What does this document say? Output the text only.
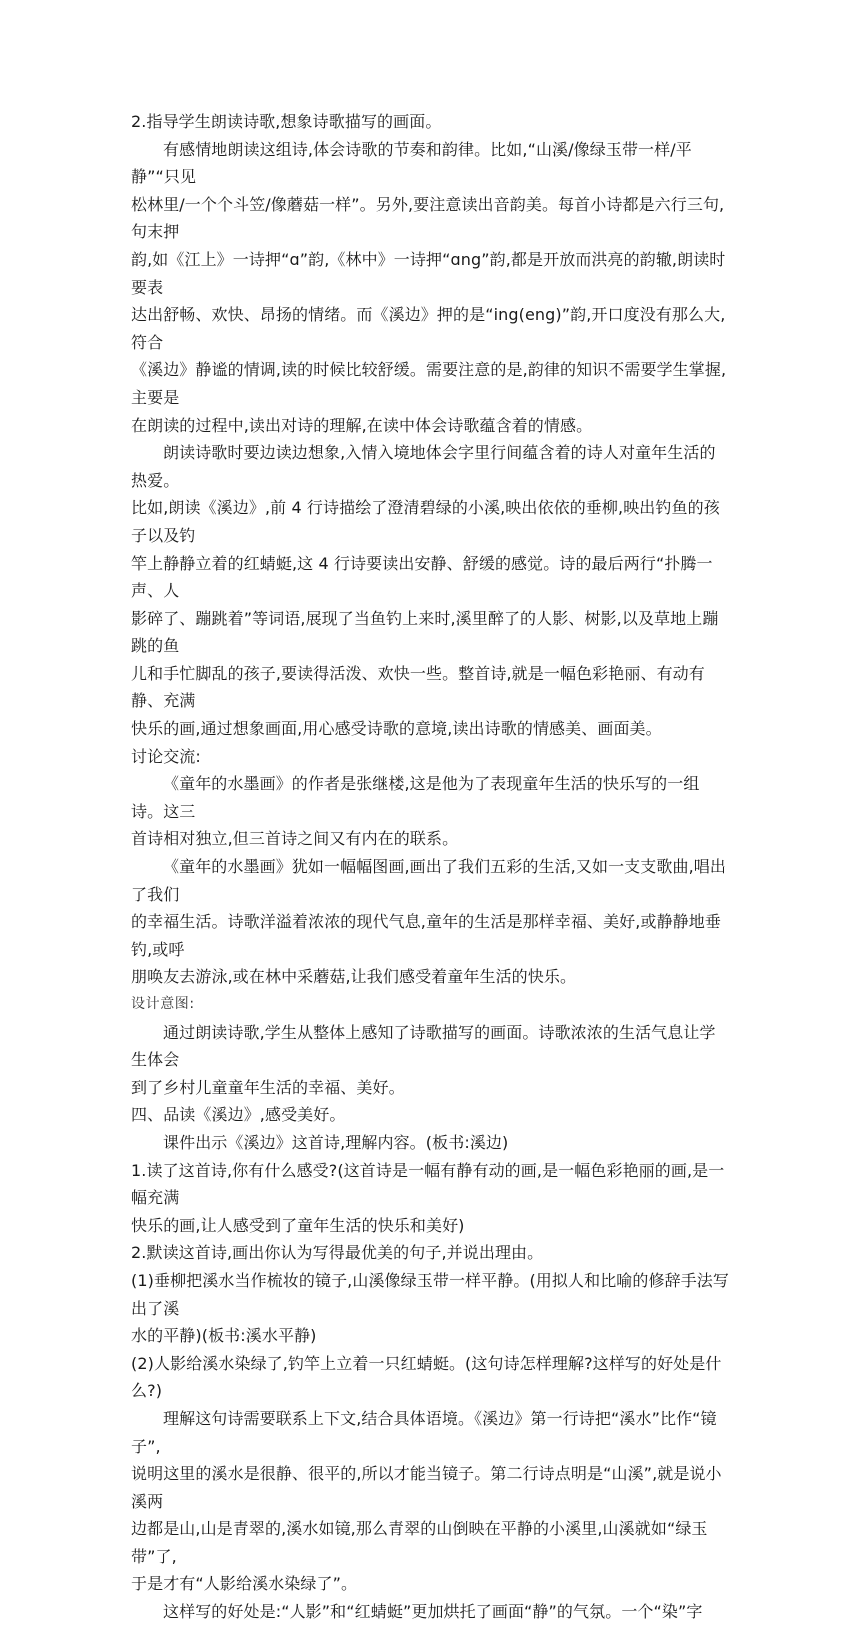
2.指导学生朗读诗歌,想象诗歌描写的画面。

有感情地朗读这组诗,体会诗歌的节奏和韵律。比如,“山溪/像绿玉带一样/平静”“只见

松林里/一个个斗笠/像蘑菇一样”。另外,要注意读出音韵美。每首小诗都是六行三句,句末押

韵,如《江上》一诗押“ɑ”韵,《林中》一诗押“ɑng”韵,都是开放而洪亮的韵辙,朗读时要表

达出舒畅、欢快、昂扬的情绪。而《溪边》押的是“ing(eng)”韵,开口度没有那么大,符合

《溪边》静谧的情调,读的时候比较舒缓。需要注意的是,韵律的知识不需要学生掌握,主要是

在朗读的过程中,读出对诗的理解,在读中体会诗歌蕴含着的情感。

朗读诗歌时要边读边想象,入情入境地体会字里行间蕴含着的诗人对童年生活的热爱。

比如,朗读《溪边》,前 4 行诗描绘了澄清碧绿的小溪,映出依依的垂柳,映出钓鱼的孩子以及钓

竿上静静立着的红蜻蜓,这 4 行诗要读出安静、舒缓的感觉。诗的最后两行“扑腾一声、人

影碎了、蹦跳着”等词语,展现了当鱼钓上来时,溪里醉了的人影、树影,以及草地上蹦跳的鱼

儿和手忙脚乱的孩子,要读得活泼、欢快一些。整首诗,就是一幅色彩艳丽、有动有静、充满

快乐的画,通过想象画面,用心感受诗歌的意境,读出诗歌的情感美、画面美。

讨论交流:

《童年的水墨画》的作者是张继楼,这是他为了表现童年生活的快乐写的一组诗。这三

首诗相对独立,但三首诗之间又有内在的联系。

《童年的水墨画》犹如一幅幅图画,画出了我们五彩的生活,又如一支支歌曲,唱出了我们

的幸福生活。诗歌洋溢着浓浓的现代气息,童年的生活是那样幸福、美好,或静静地垂钓,或呼

朋唤友去游泳,或在林中采蘑菇,让我们感受着童年生活的快乐。

设计意图:

通过朗读诗歌,学生从整体上感知了诗歌描写的画面。诗歌浓浓的生活气息让学生体会

到了乡村儿童童年生活的幸福、美好。

四、品读《溪边》,感受美好。

课件出示《溪边》这首诗,理解内容。(板书:溪边)

1.读了这首诗,你有什么感受?(这首诗是一幅有静有动的画,是一幅色彩艳丽的画,是一幅充满

快乐的画,让人感受到了童年生活的快乐和美好)

2.默读这首诗,画出你认为写得最优美的句子,并说出理由。

(1)垂柳把溪水当作梳妆的镜子,山溪像绿玉带一样平静。(用拟人和比喻的修辞手法写出了溪

水的平静)(板书:溪水平静)

(2)人影给溪水染绿了,钓竿上立着一只红蜻蜓。(这句诗怎样理解?这样写的好处是什么?)

理解这句诗需要联系上下文,结合具体语境。《溪边》第一行诗把“溪水”比作“镜子”,

说明这里的溪水是很静、很平的,所以才能当镜子。第二行诗点明是“山溪”,就是说小溪两

边都是山,山是青翠的,溪水如镜,那么青翠的山倒映在平静的小溪里,山溪就如“绿玉带”了,

于是才有“人影给溪水染绿了”。

这样写的好处是:“人影”和“红蜻蜓”更加烘托了画面“静”的气氛。一个“染”字
